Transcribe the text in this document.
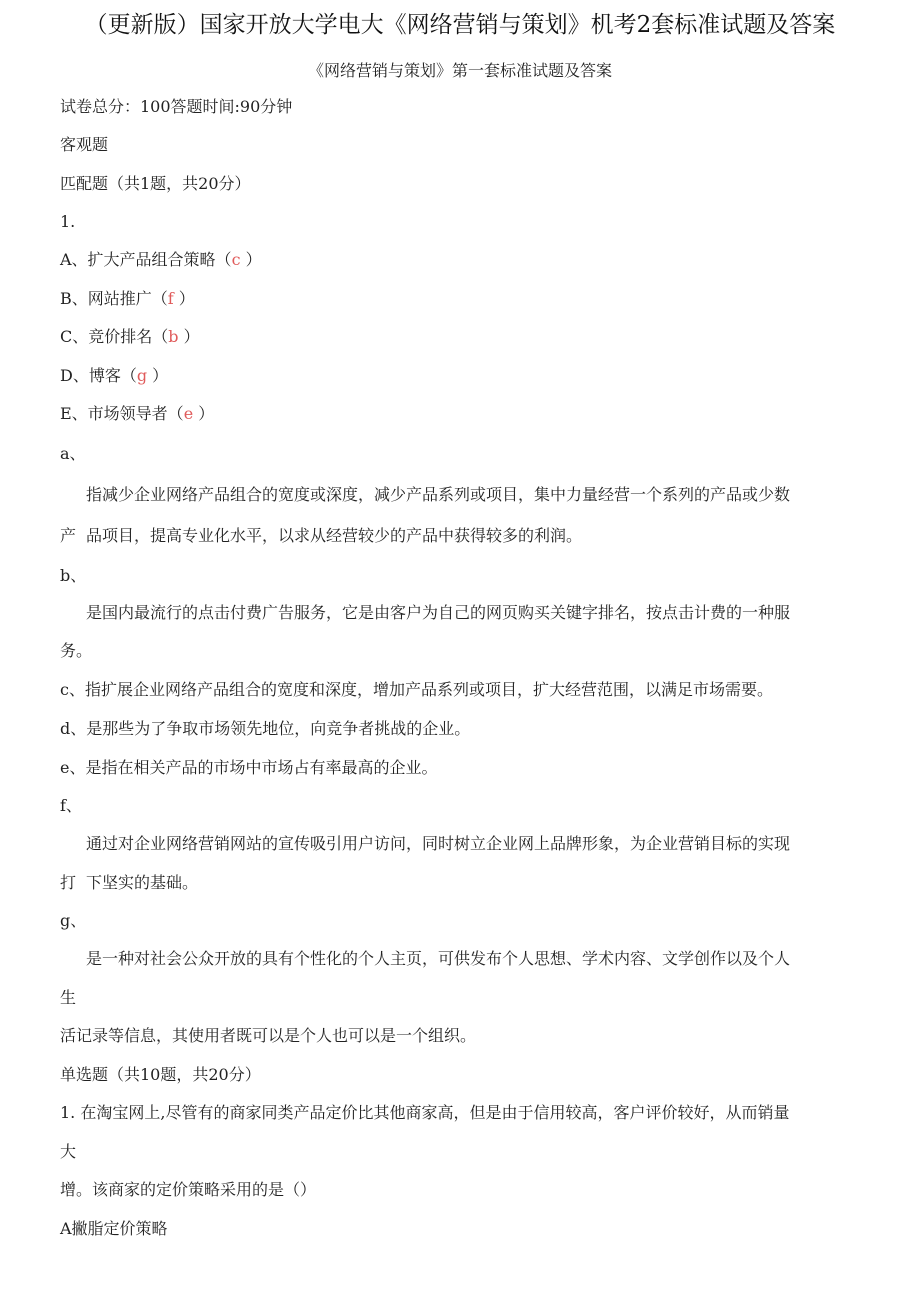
（更新版）国家开放大学电大《网络营销与策划》机考2套标准试题及答案
《网络营销与策划》第一套标准试题及答案
试卷总分：100答题时间:90分钟
客观题
匹配题（共1题，共20分）
1.
A、扩大产品组合策略（c ）
B、网站推广（f ）
C、竞价排名（b ）
D、博客（g ）
E、市场领导者（e ）
a、
指减少企业网络产品组合的宽度或深度，减少产品系列或项目，集中力量经营一个系列的产品或少数
产 品项目，提高专业化水平，以求从经营较少的产品中获得较多的利润。
b、
是国内最流行的点击付费广告服务，它是由客户为自己的网页购买关键字排名，按点击计费的一种服
务。
c、指扩展企业网络产品组合的宽度和深度，增加产品系列或项目，扩大经营范围，以满足市场需要。
d、是那些为了争取市场领先地位，向竞争者挑战的企业。
e、是指在相关产品的市场中市场占有率最高的企业。
f、
通过对企业网络营销网站的宣传吸引用户访问，同时树立企业网上品牌形象，为企业营销目标的实现
打 下坚实的基础。
g、
是一种对社会公众开放的具有个性化的个人主页，可供发布个人思想、学术内容、文学创作以及个人
生
活记录等信息，其使用者既可以是个人也可以是一个组织。
单选题（共10题，共20分）
1. 在淘宝网上,尽管有的商家同类产品定价比其他商家高，但是由于信用较高，客户评价较好，从而销量
大
增。该商家的定价策略采用的是（）
A撇脂定价策略
